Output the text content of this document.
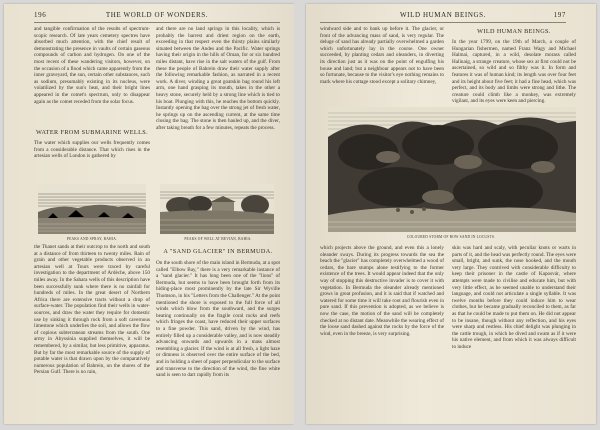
196	THE WORLD OF WONDERS.

and tangible confirmation of the results of spectrum-scopic research. Of late years cemetery spectres have absorbed much attention, with the chief result of demonstrating the presence in vaults of certain gaseous compounds of carbon and hydrogen. On one of the most recent of these wandering visitors, however, on the occasion of a flood which came apparently from the inner graveyard, the sun, certain other substances, such as sodium, presumably existing in its nucleus, were volatilized by the sun's heat, and their bright lines appeared in the comet's spectrum, only to disappear again as the comet receded from the solar focus.

WATER FROM SUBMARINE WELLS.

The water which supplies our wells frequently comes from a considerable distance. That which rises in the artesian wells of London is gathered by

PEAKS AND SPRAY, BAHIA.

the Thanet sands at their outcrop to the north and south at a distance of from thirteen to twenty miles. Rain of grain and other vegetable products observed in an artesian well at Tours were traced by careful investigation to the department of Ardèche, above 150 miles away. In the Sahara wells of this description have been successfully sunk where there is no rainfall for hundreds of miles. In the great desert of Northern Africa there are extensive tracts without a drop of surface-water. The population find their wells in water-sources, and draw the water they require for domestic use by sinking it through rock from a soft cavernous limestone which underlies the soil, and allows the flow of copious subterranean streams from the south. One army in Abyssinia supplied themselves, it will be remembered, by a similar, but less primitive, apparatus. But by far the most remarkable source of the supply of potable water is that drawn upon by the comparatively numerous population of Bahrein, on the shores of the Persian Gulf. There is no rain,

and there are no land springs in this locality, which is probably the barrest and driest region on the earth, exceeding in that respect even the thirsty plains similarly situated between the Andes and the Pacific. Water springs having their origin in the hills of Oman, for or six hundred miles distant, have rise in the salt waters of the gulf. From these the people of Bahrein draw their water supply after the following remarkable fashion, as narrated in a recent work. A diver, winding a great goatskin bag round his left arm, one hand grasping its mouth, takes in the other a heavy stone, securely held by a strong line which is tied to his boat. Plunging with this, he reaches the bottom quickly. Instantly opening the bag over the strong jet of fresh water, he springs up on the ascending current, at the same time closing the bag. The stone is then hauled up, and the diver, after taking breath for a few minutes, repeats the process.

PEAKS OF WELL AT BEVIAN, BAHIA.
A "SAND GLACIER" IN BERMUDA.

On the south shore of the main island in Bermuda, at a spot called "Elbow Bay," there is a very remarkable instance of a "sand glacier." It has long been one of the "lions" of Bermuda, but seems to have been brought forth from its hiding-place most prominently by the late Sir Wyville Thomson, in his "Letters from the Challenger." At the point mentioned the shore is exposed to the full force of all winds which blow from the southward, and the surges beating continually on the fragile coral rocks and reefs which fringes the coast, have reduced their upper surfaces to a fine powder. This sand, driven by the wind, has entirely filled up a considerable valley, and is now steadily advancing onwards and upwards in a mass almost resembling a glacier. If the wind is at all fresh, a light haze or dimness is observed over the entire surface of the bed, and in holding a sheet of paper perpendicular to the surface and transverse to the direction of the wind, the fine white sand is seen to dart rapidly from its

WILD HUMAN BEINGS.	197

windward side and to bank up before it. The glacier, or front of the advancing mass of sand, is very regular. The deluge of sand has already partially overwhelmed a garden which unfortunately lay in the course. One owner succeeded, by planting cedars and oleanders, in diverting its direction just as it was on the point of engulfing his house and land; but a neighbour appears not to have been so fortunate, because to the visitor's eye nothing remains to mark where his cottage stood except a solitary chimney,

WILD HUMAN BEINGS.

In the year 1799, on the 19th of March, a couple of Hungarian fishermen, named Franz Wagy and Michael Halmai, captured, in a wild, desolate morass called Halinaig, a strange creature, whose sex at first could not be ascertained, so wild and so filthy was it. In form and features it was of human kind; its length was over four feet and its height about five feet; it had a fine head, which was perfect, and its body and limbs were strong and lithe. The creature could climb like a monkey, was extremely vigilant, and its eyes were keen and piercing.

COLOURED STORM OF BOW SAND IN LOCUSTS.

which projects above the ground, and even this a lonely oleander sways. During its progress towards the sea the beach the "glacier" has completely overwhelmed a wood of cedars, the bare stumps alone testifying to the former existence of the trees. It would appear indeed that the only way of stopping this destructive invader is to cover it with vegetation. In Bermuda the oleander already mentioned grows in great profusion, and it is said that if watched and watered for some time it will take root and flourish even in pure sand. If this prevention is adopted, as we believe is now the case, the motion of the sand will be completely checked at no distant date. Meanwhile the wearing effect of the loose sand dashed against the rocks by the force of the wind, even in the breeze, is very surprising.

skin was hard and scaly, with peculiar knots or warts in parts of it, and the head was perfectly round. The eyes were small, bright, and sunk, the nose hooked, and the mouth very large. They contrived with considerable difficulty to keep their prisoner in the castle of Kaposvár, where attempts were made to civilise and educate him, but with very little effect, as he seemed unable to understand their language, and could not articulate a single syllable. It was twelve months before they could induce him to wear clothes, but he became gradually reconciled to them, as far as that he could be made to put them on. He did not appear to be insane, though without any reflection, and his eyes were sharp and restless. His chief delight was plunging in the cattle trough, in which he dived and swam as if it were his native element, and from which it was always difficult to induce
